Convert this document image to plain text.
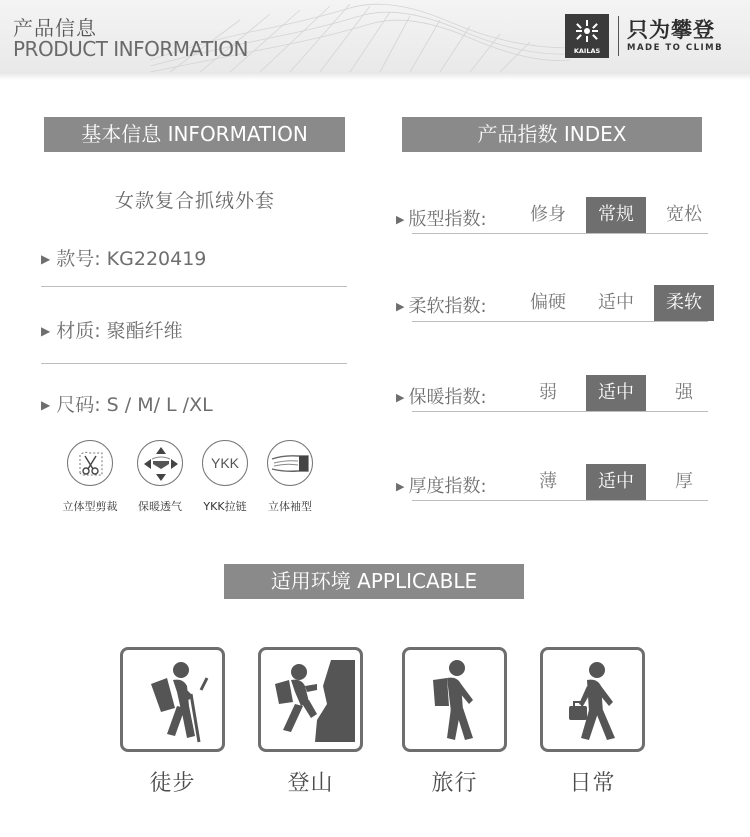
产品信息
PRODUCT INFORMATION	KAILAS
只为攀登
MADE TO CLIMB
基本信息 INFORMATION
女款复合抓绒外套
▶ 款号: KG220419
▶ 材质: 聚酯纤维
▶ 尺码: S / M/ L /XL
立体型剪裁	保暖透气
YKK
YKK拉链	立体袖型
产品指数 INDEX
▶ 版型指数:	修身	常规	宽松
▶ 柔软指数:	偏硬	适中	柔软
▶ 保暖指数:	弱	适中	强
▶ 厚度指数:	薄	适中	厚
适用环境 APPLICABLE
徒步	登山	旅行	日常
